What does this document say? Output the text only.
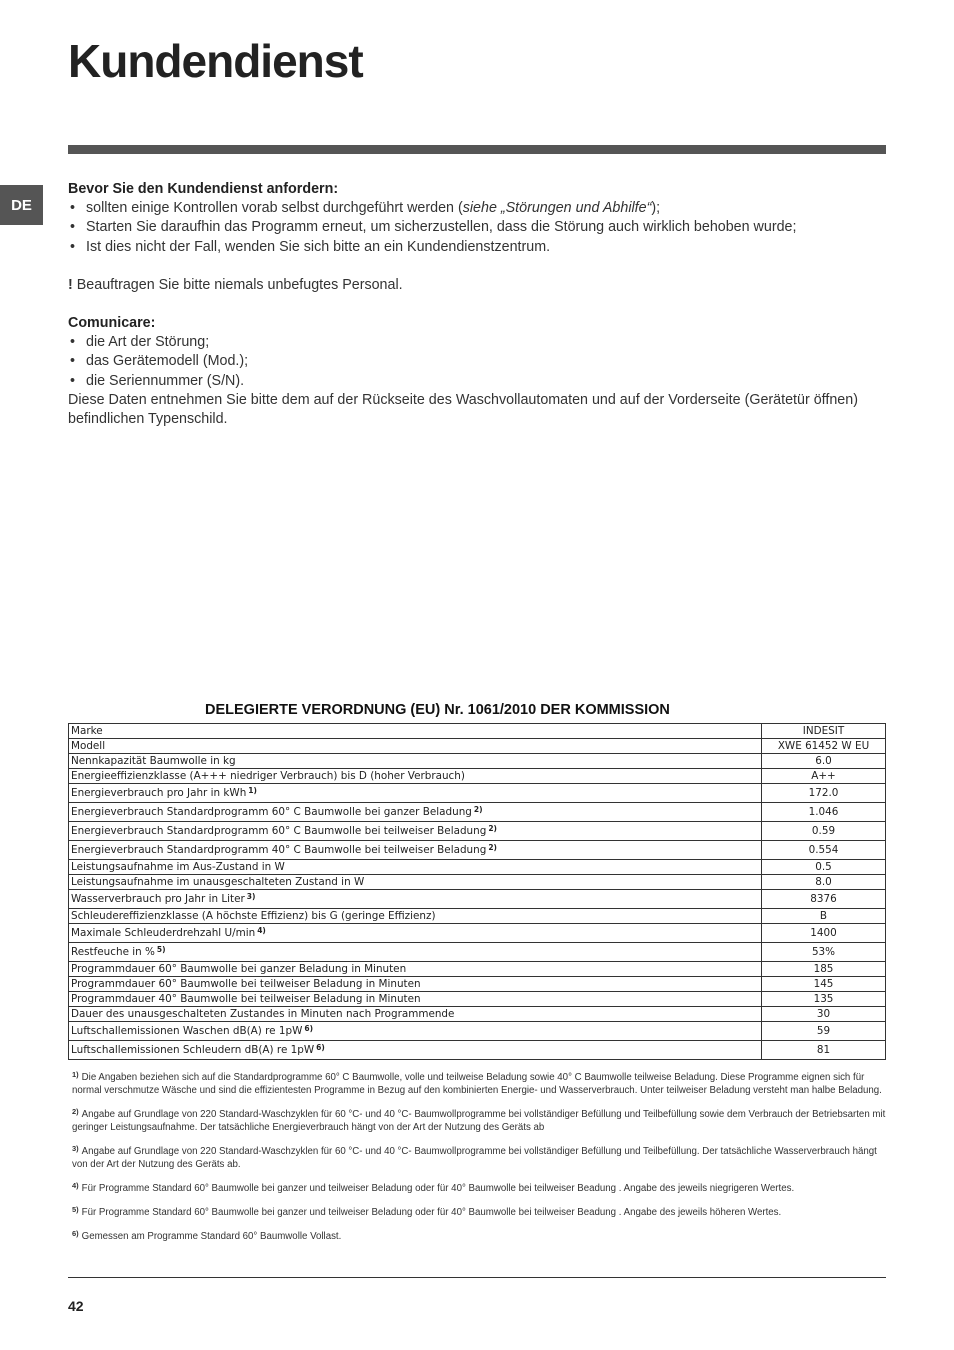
Kundendienst
DE
Bevor Sie den Kundendienst anfordern:
• sollten einige Kontrollen vorab selbst durchgeführt werden (siehe „Störungen und Abhilfe“);
• Starten Sie daraufhin das Programm erneut, um sicherzustellen, dass die Störung auch wirklich behoben wurde;
• Ist dies nicht der Fall, wenden Sie sich bitte an ein Kundendienstzentrum.
! Beauftragen Sie bitte niemals unbefugtes Personal.
Comunicare:
• die Art der Störung;
• das Gerätemodell (Mod.);
• die Seriennummer (S/N).
Diese Daten entnehmen Sie bitte dem auf der Rückseite des Waschvollautomaten und auf der Vorderseite (Gerätetür öffnen) befindlichen Typenschild.
DELEGIERTE VERORDNUNG (EU) Nr. 1061/2010 DER KOMMISSION
Marke	INDESIT
Modell	XWE 61452 W EU
Nennkapazität Baumwolle in kg	6.0
Energieeffizienzklasse (A+++ niedriger Verbrauch) bis D (hoher Verbrauch)	A++
Energieverbrauch pro Jahr in kWh $^{1)}$	172.0
Energieverbrauch Standardprogramm 60° C Baumwolle bei ganzer Beladung $^{2)}$	1.046
Energieverbrauch Standardprogramm 60° C Baumwolle bei teilweiser Beladung $^{2)}$	0.59
Energieverbrauch Standardprogramm 40° C Baumwolle bei teilweiser Beladung $^{2)}$	0.554
Leistungsaufnahme im Aus-Zustand in W	0.5
Leistungsaufnahme im unausgeschalteten Zustand in W	8.0
Wasserverbrauch pro Jahr in Liter $^{3)}$	8376
Schleudereffizienzklasse (A höchste Effizienz) bis G (geringe Effizienz)	B
Maximale Schleuderdrehzahl U/min $^{4)}$	1400
Restfeuche in % $^{5)}$	53%
Programmdauer 60° Baumwolle bei ganzer Beladung in Minuten	185
Programmdauer 60° Baumwolle bei teilweiser Beladung in Minuten	145
Programmdauer 40° Baumwolle bei teilweiser Beladung in Minuten	135
Dauer des unausgeschalteten Zustandes in Minuten nach Programmende	30
Luftschallemissionen Waschen dB(A) re 1pW $^{6)}$	59
Luftschallemissionen Schleudern dB(A) re 1pW $^{6)}$	81

$^{1)}$ Die Angaben beziehen sich auf die Standardprogramme 60° C Baumwolle, volle und teilweise Beladung sowie 40° C Baumwolle teilweise Beladung. Diese Programme eignen sich für normal verschmutze Wäsche und sind die effizientesten Programme in Bezug auf den kombinierten Energie- und Wasserverbrauch. Unter teilweiser Beladung versteht man halbe Beladung.

$^{2)}$ Angabe auf Grundlage von 220 Standard-Waschzyklen für 60 °C- und 40 °C- Baumwollprogramme bei vollständiger Befüllung und Teilbefüllung sowie dem Verbrauch der Betriebsarten mit geringer Leistungsaufnahme. Der tatsächliche Energieverbrauch hängt von der Art der Nutzung des Geräts ab

$^{3)}$ Angabe auf Grundlage von 220 Standard-Waschzyklen für 60 °C- und 40 °C- Baumwollprogramme bei vollständiger Befüllung und Teilbefüllung. Der tatsächliche Wasserverbrauch hängt von der Art der Nutzung des Geräts ab.

$^{4)}$ Für Programme Standard 60° Baumwolle bei ganzer und teilweiser Beladung oder für 40° Baumwolle bei teilweiser Beadung . Angabe des jeweils niegrigeren Wertes.

$^{5)}$ Für Programme Standard 60° Baumwolle bei ganzer und teilweiser Beladung oder für 40° Baumwolle bei teilweiser Beadung . Angabe des jeweils höheren Wertes.

$^{6)}$ Gemessen am Programme Standard 60° Baumwolle Vollast.

42
